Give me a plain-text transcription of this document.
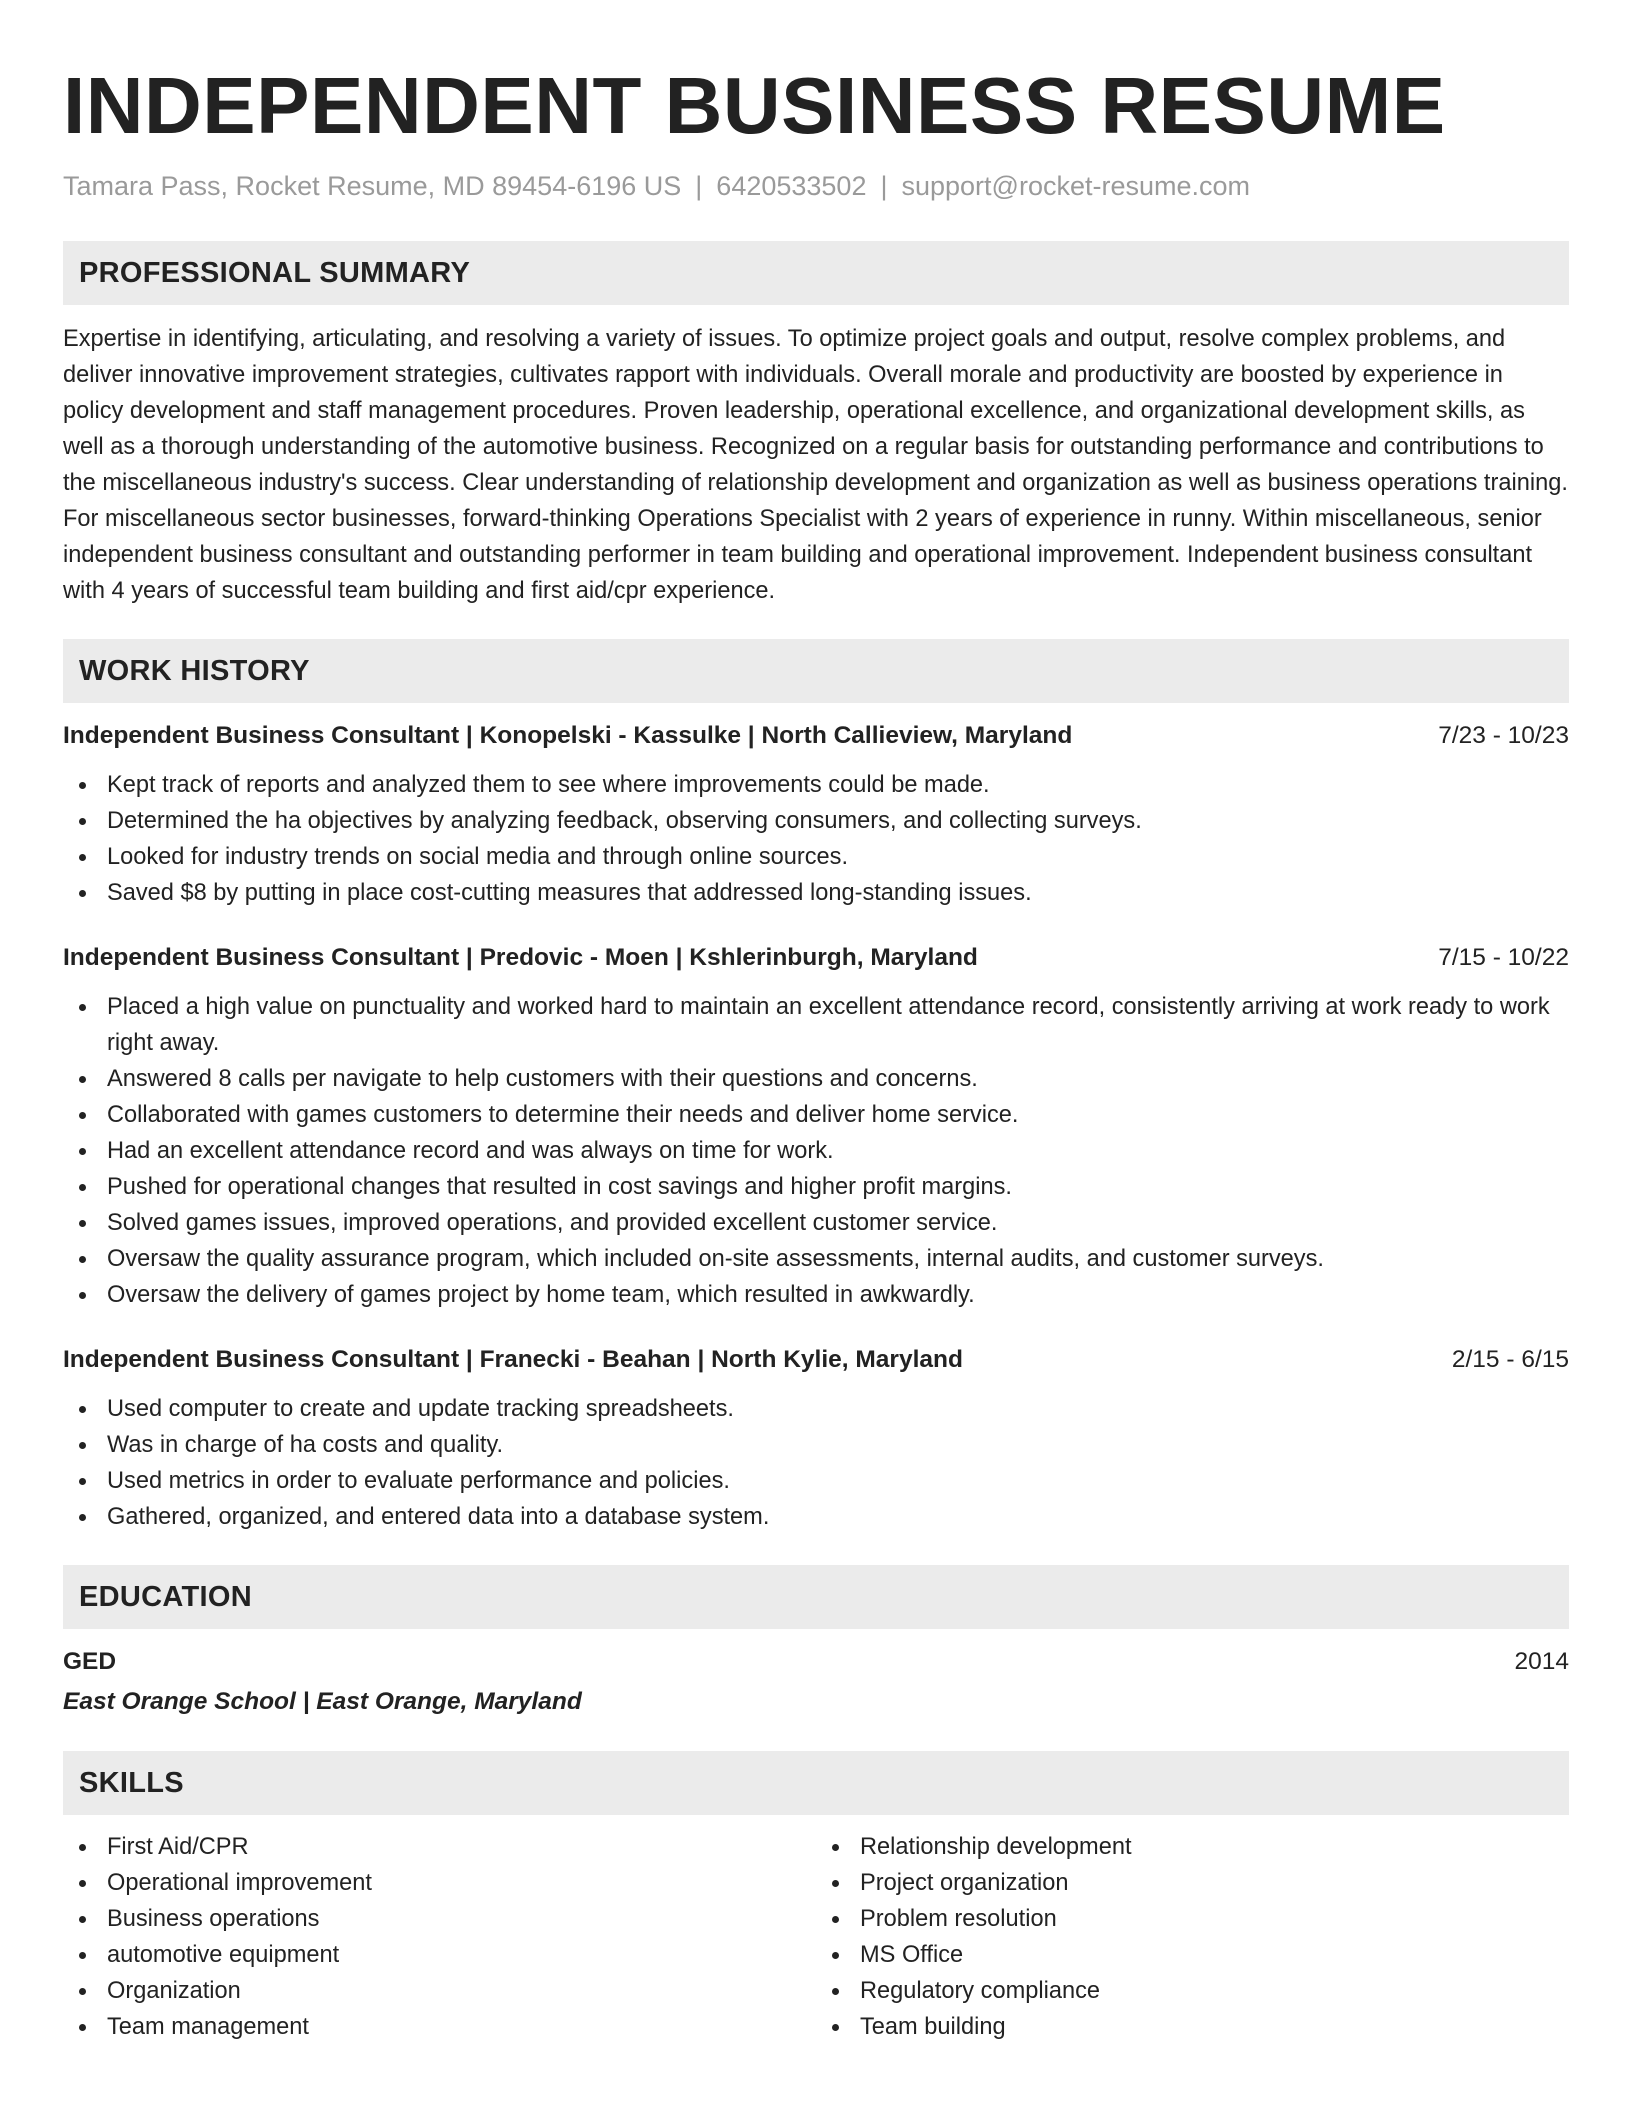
INDEPENDENT BUSINESS RESUME
Tamara Pass, Rocket Resume, MD 89454-6196 US | 6420533502 | support@rocket-resume.com
PROFESSIONAL SUMMARY

Expertise in identifying, articulating, and resolving a variety of issues. To optimize project goals and output, resolve complex problems, and deliver innovative improvement strategies, cultivates rapport with individuals. Overall morale and productivity are boosted by experience in policy development and staff management procedures. Proven leadership, operational excellence, and organizational development skills, as well as a thorough understanding of the automotive business. Recognized on a regular basis for outstanding performance and contributions to the miscellaneous industry's success. Clear understanding of relationship development and organization as well as business operations training. For miscellaneous sector businesses, forward-thinking Operations Specialist with 2 years of experience in runny. Within miscellaneous, senior independent business consultant and outstanding performer in team building and operational improvement. Independent business consultant with 4 years of successful team building and first aid/cpr experience.

WORK HISTORY
Independent Business Consultant | Konopelski - Kassulke | North Callieview, Maryland	7/23 - 10/23
Kept track of reports and analyzed them to see where improvements could be made.
Determined the ha objectives by analyzing feedback, observing consumers, and collecting surveys.
Looked for industry trends on social media and through online sources.
Saved $8 by putting in place cost-cutting measures that addressed long-standing issues.
Independent Business Consultant | Predovic - Moen | Kshlerinburgh, Maryland	7/15 - 10/22
Placed a high value on punctuality and worked hard to maintain an excellent attendance record, consistently arriving at work ready to work right away.
Answered 8 calls per navigate to help customers with their questions and concerns.
Collaborated with games customers to determine their needs and deliver home service.
Had an excellent attendance record and was always on time for work.
Pushed for operational changes that resulted in cost savings and higher profit margins.
Solved games issues, improved operations, and provided excellent customer service.
Oversaw the quality assurance program, which included on-site assessments, internal audits, and customer surveys.
Oversaw the delivery of games project by home team, which resulted in awkwardly.
Independent Business Consultant | Franecki - Beahan | North Kylie, Maryland	2/15 - 6/15
Used computer to create and update tracking spreadsheets.
Was in charge of ha costs and quality.
Used metrics in order to evaluate performance and policies.
Gathered, organized, and entered data into a database system.
EDUCATION
GED	2014
East Orange School | East Orange, Maryland
SKILLS
First Aid/CPR
Operational improvement
Business operations
automotive equipment
Organization
Team management
Relationship development
Project organization
Problem resolution
MS Office
Regulatory compliance
Team building
